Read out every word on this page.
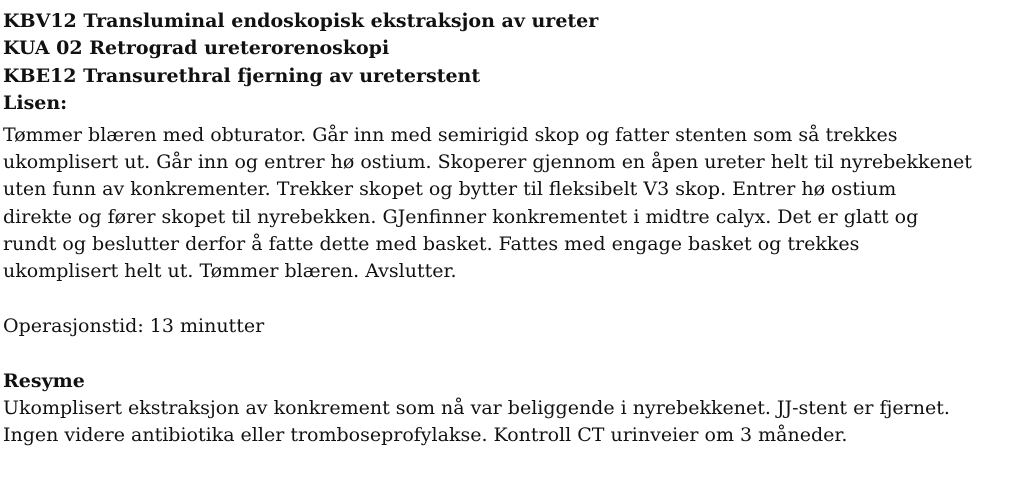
KBV12 Transluminal endoskopisk ekstraksjon av ureter

KUA 02 Retrograd ureterorenoskopi

KBE12 Transurethral fjerning av ureterstent

Lisen:

Tømmer blæren med obturator. Går inn med semirigid skop og fatter stenten som så trekkes

ukomplisert ut. Går inn og entrer hø ostium. Skoperer gjennom en åpen ureter helt til nyrebekkenet

uten funn av konkrementer. Trekker skopet og bytter til fleksibelt V3 skop. Entrer hø ostium

direkte og fører skopet til nyrebekken. GJenfinner konkrementet i midtre calyx. Det er glatt og

rundt og beslutter derfor å fatte dette med basket. Fattes med engage basket og trekkes

ukomplisert helt ut. Tømmer blæren. Avslutter.

Operasjonstid: 13 minutter

Resyme

Ukomplisert ekstraksjon av konkrement som nå var beliggende i nyrebekkenet. JJ-stent er fjernet.

Ingen videre antibiotika eller tromboseprofylakse. Kontroll CT urinveier om 3 måneder.
